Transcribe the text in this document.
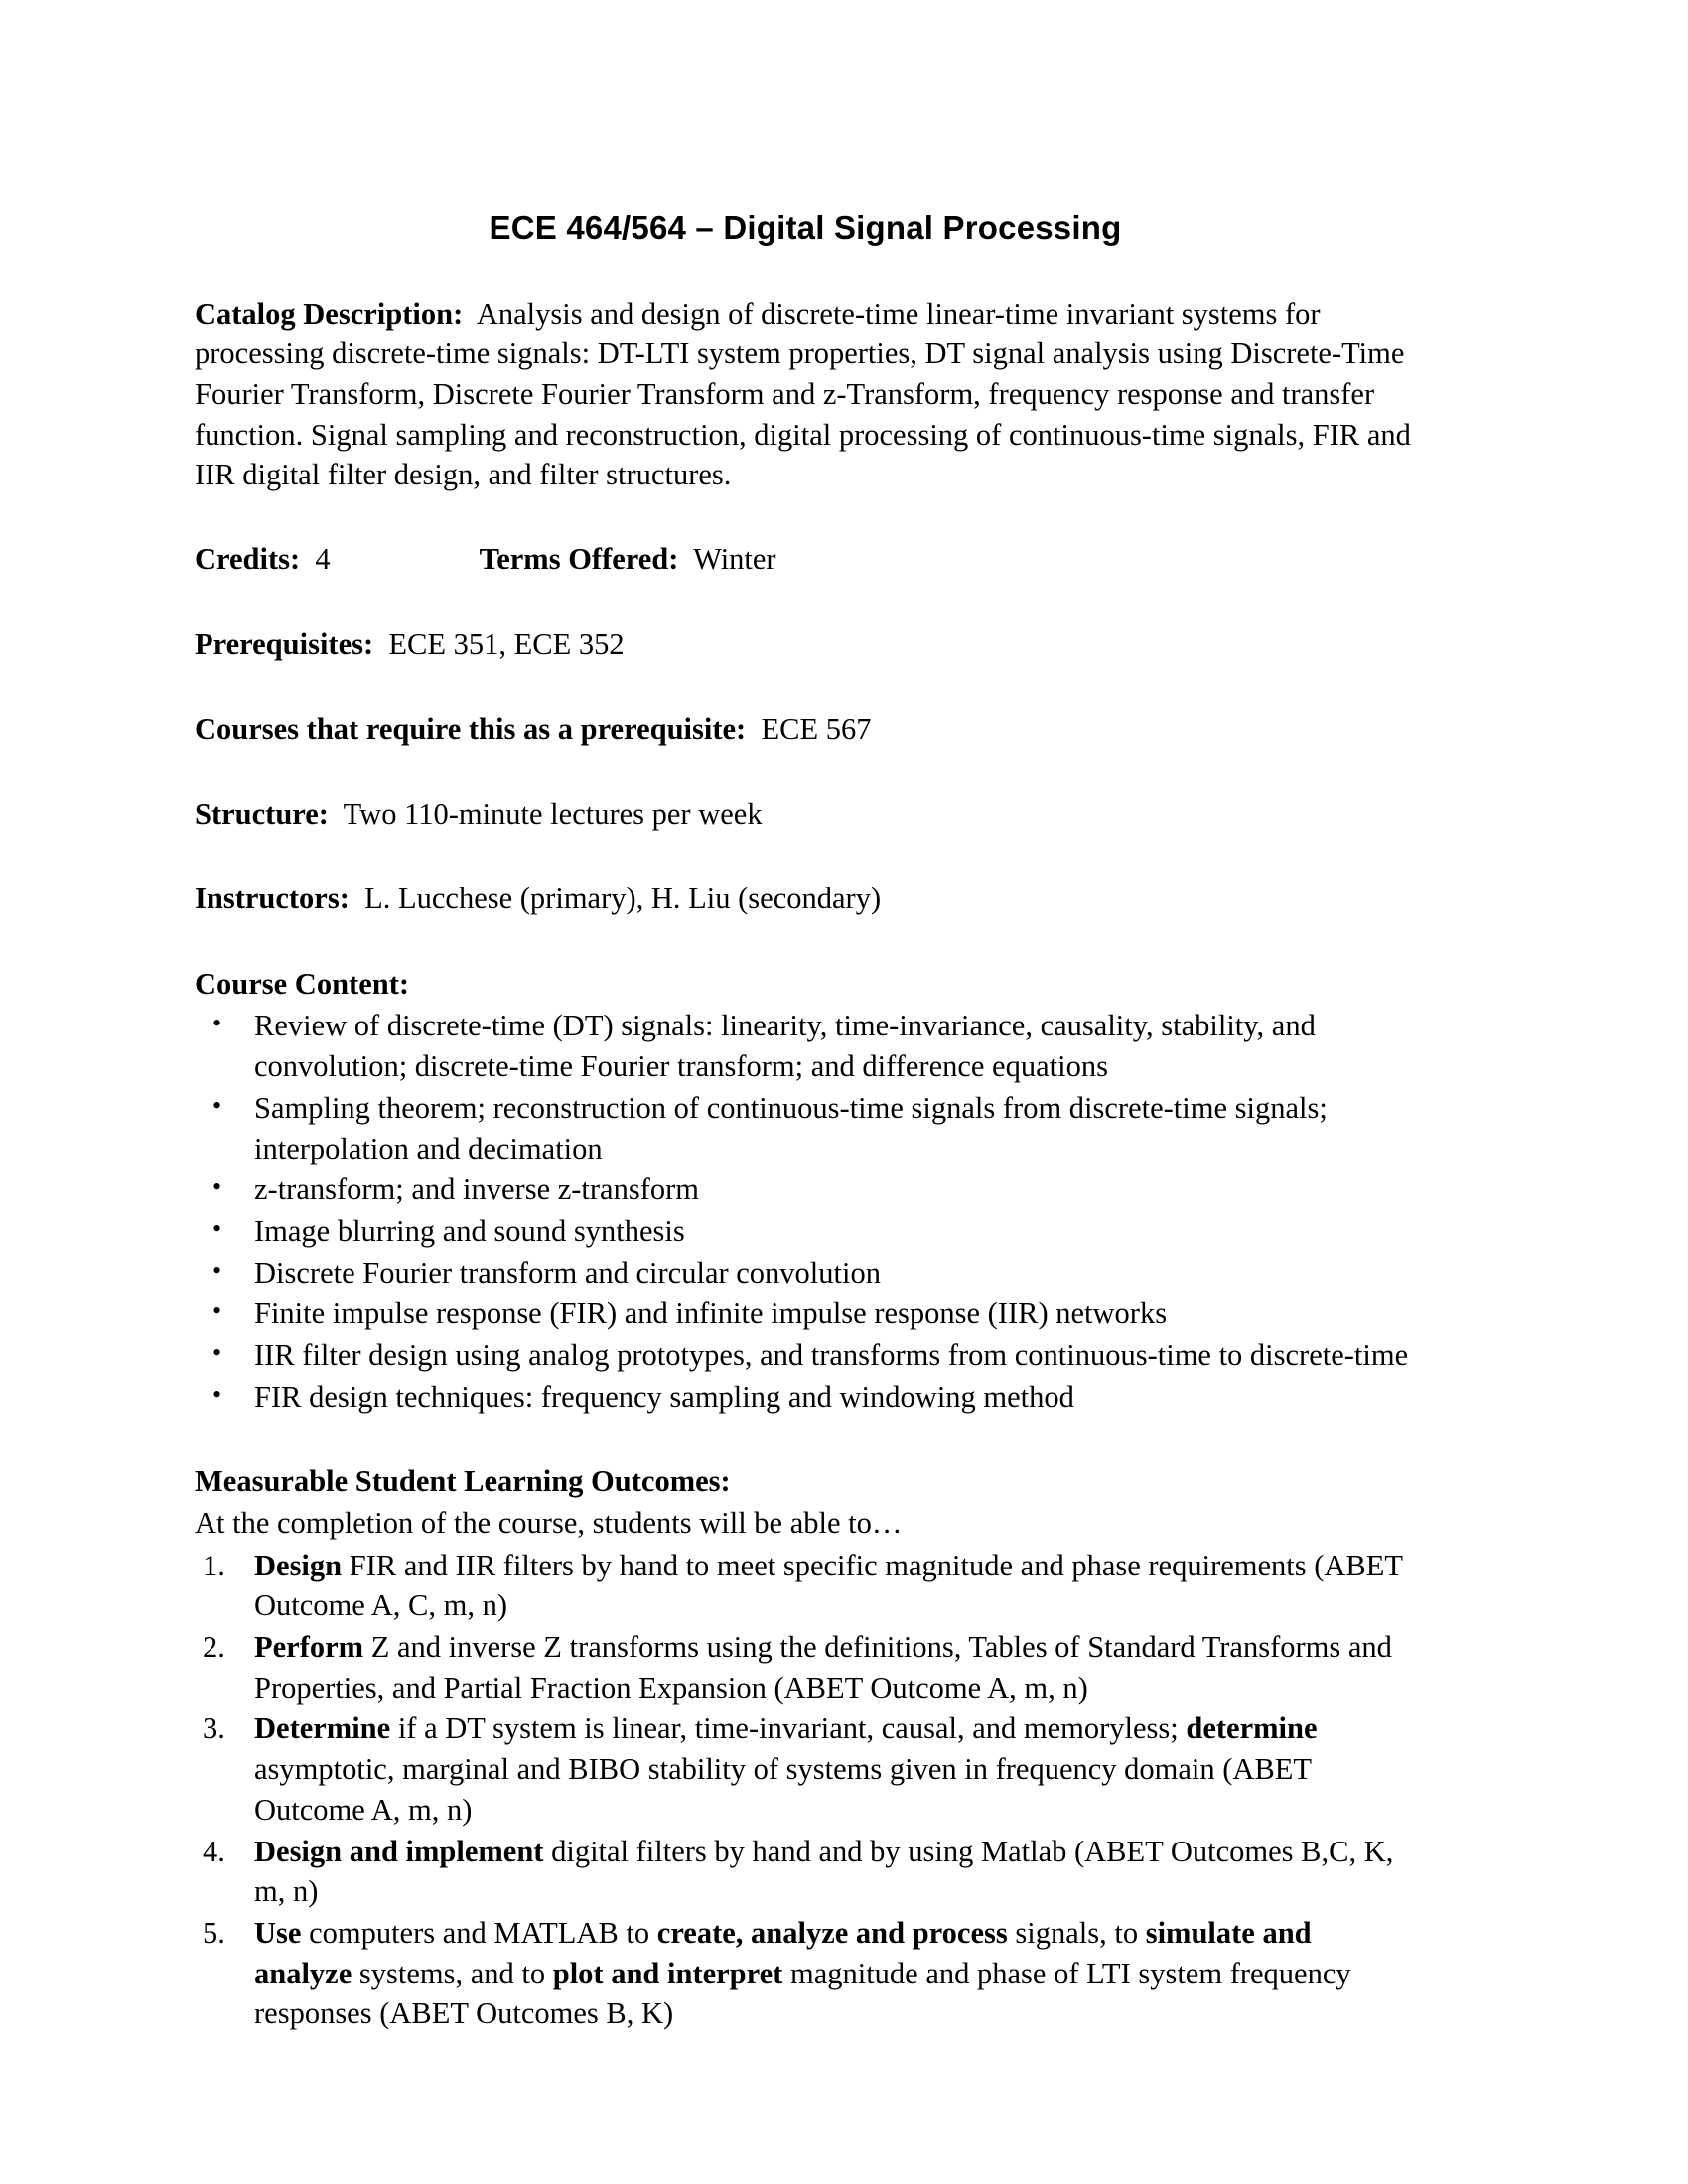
ECE 464/564 – Digital Signal Processing

Catalog Description: Analysis and design of discrete-time linear-time invariant systems for processing discrete-time signals: DT-LTI system properties, DT signal analysis using Discrete-Time Fourier Transform, Discrete Fourier Transform and z-Transform, frequency response and transfer function. Signal sampling and reconstruction, digital processing of continuous-time signals, FIR and IIR digital filter design, and filter structures.

Credits: 4	Terms Offered: Winter

Prerequisites: ECE 351, ECE 352

Courses that require this as a prerequisite: ECE 567

Structure: Two 110-minute lectures per week

Instructors: L. Lucchese (primary), H. Liu (secondary)

Course Content:
• Review of discrete-time (DT) signals: linearity, time-invariance, causality, stability, and convolution; discrete-time Fourier transform; and difference equations
• Sampling theorem; reconstruction of continuous-time signals from discrete-time signals; interpolation and decimation
• z-transform; and inverse z-transform
• Image blurring and sound synthesis
• Discrete Fourier transform and circular convolution
• Finite impulse response (FIR) and infinite impulse response (IIR) networks
• IIR filter design using analog prototypes, and transforms from continuous-time to discrete-time
• FIR design techniques: frequency sampling and windowing method
Measurable Student Learning Outcomes:
At the completion of the course, students will be able to…
1. Design FIR and IIR filters by hand to meet specific magnitude and phase requirements (ABET Outcome A, C, m, n)
2. Perform Z and inverse Z transforms using the definitions, Tables of Standard Transforms and Properties, and Partial Fraction Expansion (ABET Outcome A, m, n)
3. Determine if a DT system is linear, time-invariant, causal, and memoryless; determine asymptotic, marginal and BIBO stability of systems given in frequency domain (ABET Outcome A, m, n)
4. Design and implement digital filters by hand and by using Matlab (ABET Outcomes B,C, K, m, n)
5. Use computers and MATLAB to create, analyze and process signals, to simulate and analyze systems, and to plot and interpret magnitude and phase of LTI system frequency responses (ABET Outcomes B, K)
